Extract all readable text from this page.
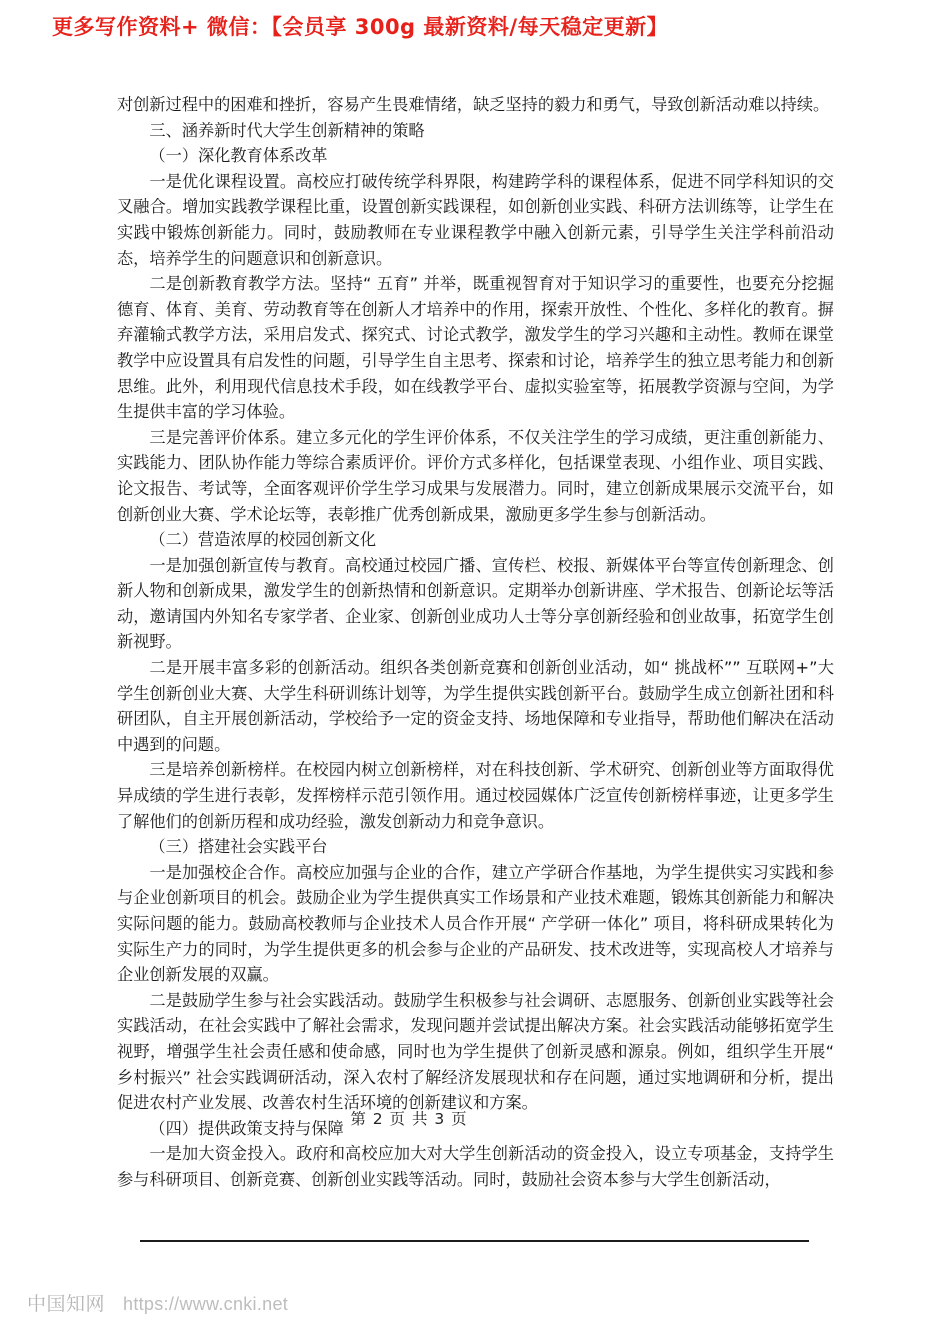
更多写作资料+ 微信：【会员享 300g 最新资料/每天稳定更新】

对创新过程中的困难和挫折，容易产生畏难情绪，缺乏坚持的毅力和勇气，导致创新活动难以持续。

三、涵养新时代大学生创新精神的策略

（一）深化教育体系改革

一是优化课程设置。高校应打破传统学科界限，构建跨学科的课程体系，促进不同学科知识的交叉融合。增加实践教学课程比重，设置创新实践课程，如创新创业实践、科研方法训练等，让学生在实践中锻炼创新能力。同时，鼓励教师在专业课程教学中融入创新元素，引导学生关注学科前沿动态，培养学生的问题意识和创新意识。

二是创新教育教学方法。坚持“ 五育” 并举，既重视智育对于知识学习的重要性，也要充分挖掘德育、体育、美育、劳动教育等在创新人才培养中的作用，探索开放性、个性化、多样化的教育。摒弃灌输式教学方法，采用启发式、探究式、讨论式教学，激发学生的学习兴趣和主动性。教师在课堂教学中应设置具有启发性的问题，引导学生自主思考、探索和讨论，培养学生的独立思考能力和创新思维。此外，利用现代信息技术手段，如在线教学平台、虚拟实验室等，拓展教学资源与空间，为学生提供丰富的学习体验。

三是完善评价体系。建立多元化的学生评价体系，不仅关注学生的学习成绩，更注重创新能力、实践能力、团队协作能力等综合素质评价。评价方式多样化，包括课堂表现、小组作业、项目实践、论文报告、考试等，全面客观评价学生学习成果与发展潜力。同时，建立创新成果展示交流平台，如创新创业大赛、学术论坛等，表彰推广优秀创新成果，激励更多学生参与创新活动。

（二）营造浓厚的校园创新文化

一是加强创新宣传与教育。高校通过校园广播、宣传栏、校报、新媒体平台等宣传创新理念、创新人物和创新成果，激发学生的创新热情和创新意识。定期举办创新讲座、学术报告、创新论坛等活动，邀请国内外知名专家学者、企业家、创新创业成功人士等分享创新经验和创业故事，拓宽学生创新视野。

二是开展丰富多彩的创新活动。组织各类创新竞赛和创新创业活动，如“ 挑战杯”” 互联网+”大学生创新创业大赛、大学生科研训练计划等，为学生提供实践创新平台。鼓励学生成立创新社团和科研团队，自主开展创新活动，学校给予一定的资金支持、场地保障和专业指导，帮助他们解决在活动中遇到的问题。

三是培养创新榜样。在校园内树立创新榜样，对在科技创新、学术研究、创新创业等方面取得优异成绩的学生进行表彰，发挥榜样示范引领作用。通过校园媒体广泛宣传创新榜样事迹，让更多学生了解他们的创新历程和成功经验，激发创新动力和竞争意识。

（三）搭建社会实践平台

一是加强校企合作。高校应加强与企业的合作，建立产学研合作基地，为学生提供实习实践和参与企业创新项目的机会。鼓励企业为学生提供真实工作场景和产业技术难题，锻炼其创新能力和解决实际问题的能力。鼓励高校教师与企业技术人员合作开展“ 产学研一体化” 项目，将科研成果转化为实际生产力的同时，为学生提供更多的机会参与企业的产品研发、技术改进等，实现高校人才培养与企业创新发展的双赢。

二是鼓励学生参与社会实践活动。鼓励学生积极参与社会调研、志愿服务、创新创业实践等社会实践活动，在社会实践中了解社会需求，发现问题并尝试提出解决方案。社会实践活动能够拓宽学生视野，增强学生社会责任感和使命感，同时也为学生提供了创新灵感和源泉。例如，组织学生开展“ 乡村振兴” 社会实践调研活动，深入农村了解经济发展现状和存在问题，通过实地调研和分析，提出促进农村产业发展、改善农村生活环境的创新建议和方案。

（四）提供政策支持与保障

一是加大资金投入。政府和高校应加大对大学生创新活动的资金投入，设立专项基金，支持学生参与科研项目、创新竞赛、创新创业实践等活动。同时，鼓励社会资本参与大学生创新活动，

第 2 页 共 3 页
中国知网 https://www.cnki.net
